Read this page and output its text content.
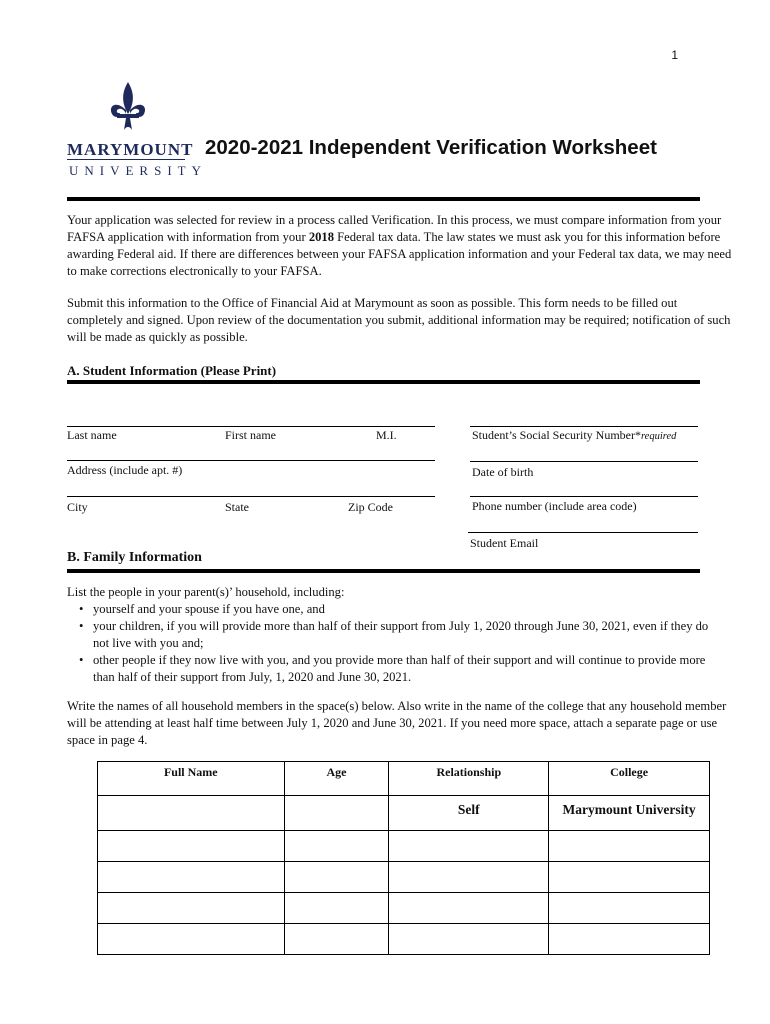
1
MARYMOUNT
UNIVERSITY
2020-2021 Independent Verification Worksheet
Your application was selected for review in a process called Verification. In this process, we must compare information from your FAFSA application with information from your 2018 Federal tax data. The law states we must ask you for this information before awarding Federal aid. If there are differences between your FAFSA application information and your Federal tax data, we may need to make corrections electronically to your FAFSA.
Submit this information to the Office of Financial Aid at Marymount as soon as possible. This form needs to be filled out completely and signed. Upon review of the documentation you submit, additional information may be required; notification of such will be made as quickly as possible.
A. Student Information (Please Print)
Last name	First name	M.I.	Student’s Social Security Number*required
Address (include apt. #)	Date of birth
City	State	Zip Code	Phone number (include area code)
Student Email
B. Family Information
List the people in your parent(s)’ household, including:
• yourself and your spouse if you have one, and
• your children, if you will provide more than half of their support from July 1, 2020 through June 30, 2021, even if they do not live with you and;
• other people if they now live with you, and you provide more than half of their support and will continue to provide more than half of their support from July, 1, 2020 and June 30, 2021.
Write the names of all household members in the space(s) below. Also write in the name of the college that any household member will be attending at least half time between July 1, 2020 and June 30, 2021. If you need more space, attach a separate page or use space in page 4.
Full Name	Age	Relationship	College
		Self	Marymount University
